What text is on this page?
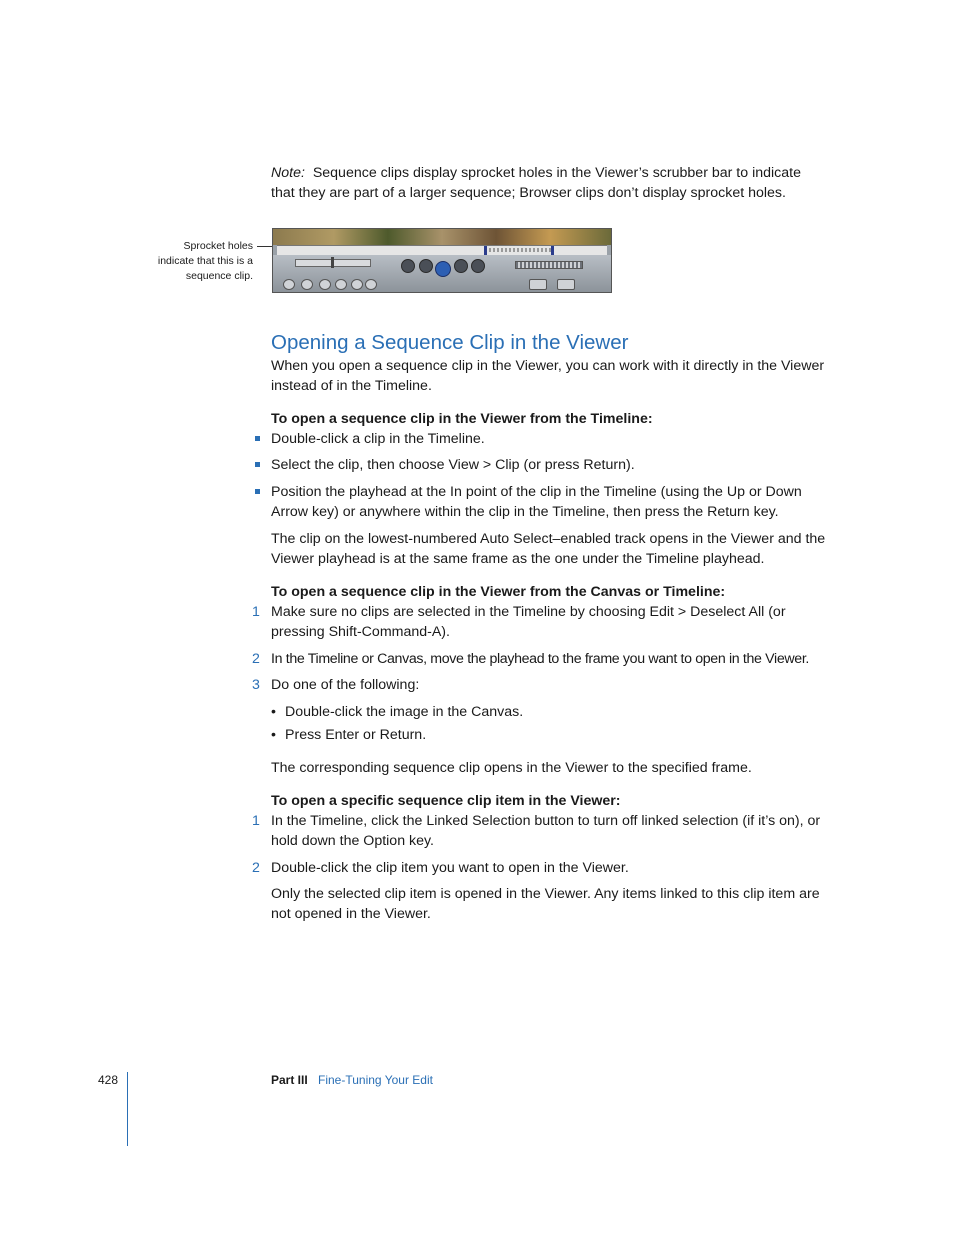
Note: Sequence clips display sprocket holes in the Viewer’s scrubber bar to indicate that they are part of a larger sequence; Browser clips don’t display sprocket holes.
Sprocket holes
indicate that this is a
sequence clip.
Opening a Sequence Clip in the Viewer
When you open a sequence clip in the Viewer, you can work with it directly in the Viewer instead of in the Timeline.
To open a sequence clip in the Viewer from the Timeline:
Double-click a clip in the Timeline.
Select the clip, then choose View > Clip (or press Return).
Position the playhead at the In point of the clip in the Timeline (using the Up or Down Arrow key) or anywhere within the clip in the Timeline, then press the Return key.
The clip on the lowest-numbered Auto Select–enabled track opens in the Viewer and the Viewer playhead is at the same frame as the one under the Timeline playhead.
To open a sequence clip in the Viewer from the Canvas or Timeline:
1 Make sure no clips are selected in the Timeline by choosing Edit > Deselect All (or pressing Shift-Command-A).
2 In the Timeline or Canvas, move the playhead to the frame you want to open in the Viewer.
3 Do one of the following:
• Double-click the image in the Canvas.
• Press Enter or Return.
The corresponding sequence clip opens in the Viewer to the specified frame.
To open a specific sequence clip item in the Viewer:
1 In the Timeline, click the Linked Selection button to turn off linked selection (if it’s on), or hold down the Option key.
2 Double-click the clip item you want to open in the Viewer.
Only the selected clip item is opened in the Viewer. Any items linked to this clip item are not opened in the Viewer.
428	Part III Fine-Tuning Your Edit
